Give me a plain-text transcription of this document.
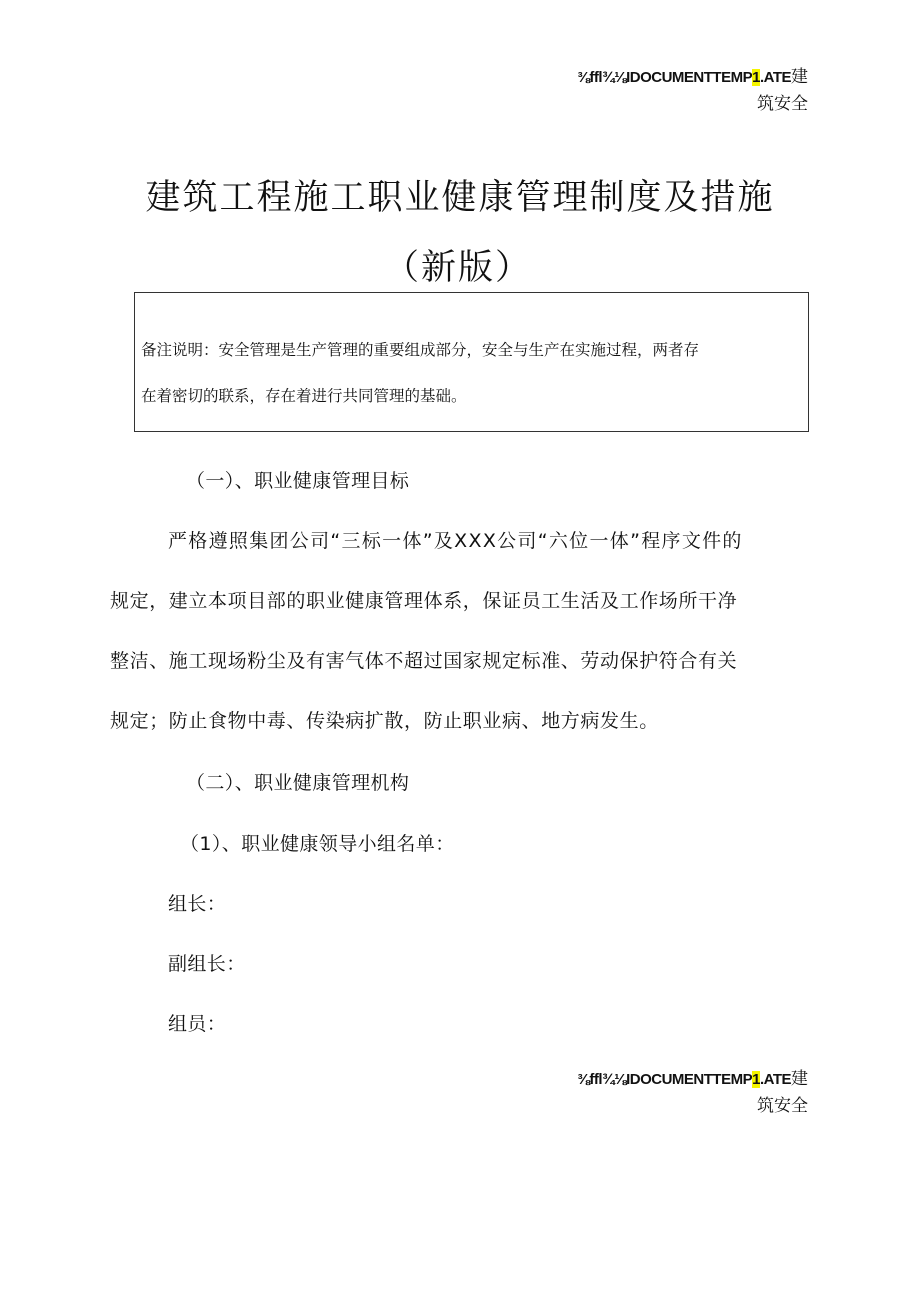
⅜ffl¾⅛IDOCUMENTTEMP1.ATE建
筑安全
建筑工程施工职业健康管理制度及措施
（新版）
备注说明：安全管理是生产管理的重要组成部分，安全与生产在实施过程，两者存
在着密切的联系，存在着进行共同管理的基础。
（一）、职业健康管理目标
严格遵照集团公司“三标一体”及XXX公司“六位一体”程序文件的
规定，建立本项目部的职业健康管理体系，保证员工生活及工作场所干净
整洁、施工现场粉尘及有害气体不超过国家规定标准、劳动保护符合有关
规定；防止食物中毒、传染病扩散，防止职业病、地方病发生。
（二）、职业健康管理机构
（1）、职业健康领导小组名单：
组长：
副组长：
组员：
⅜ffl¾⅛IDOCUMENTTEMP1.ATE建
筑安全
